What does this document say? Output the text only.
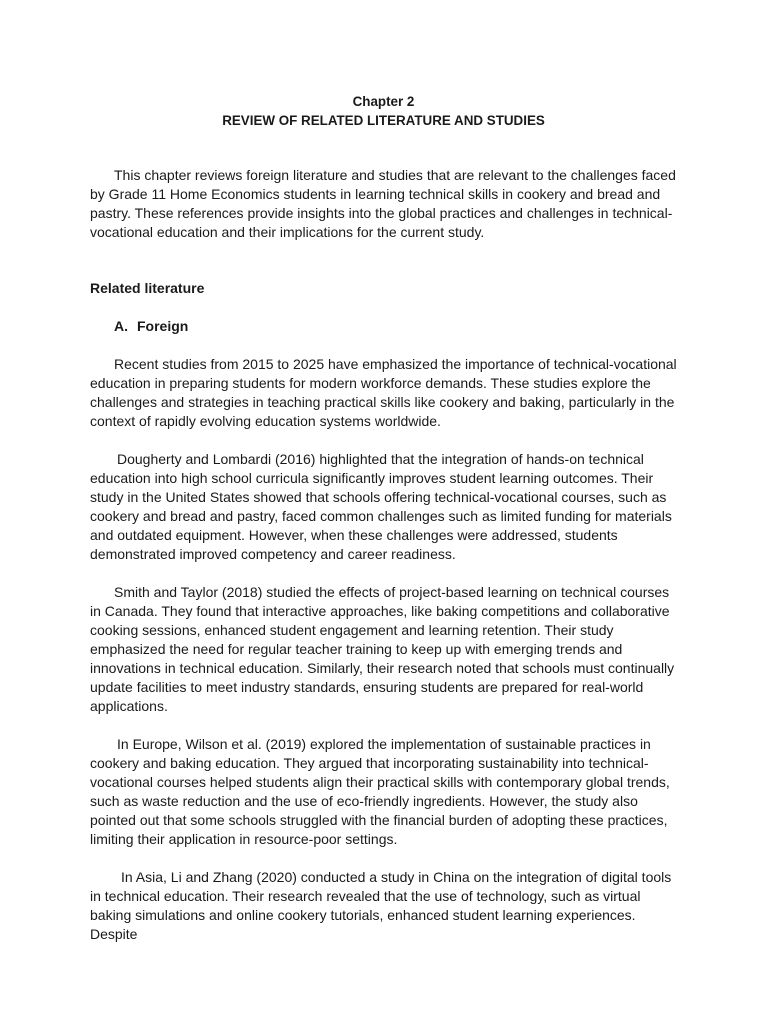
Chapter 2

REVIEW OF RELATED LITERATURE AND STUDIES

This chapter reviews foreign literature and studies that are relevant to the challenges faced by Grade 11 Home Economics students in learning technical skills in cookery and bread and pastry. These references provide insights into the global practices and challenges in technical-vocational education and their implications for the current study.

Related literature

A. Foreign

Recent studies from 2015 to 2025 have emphasized the importance of technical-vocational education in preparing students for modern workforce demands. These studies explore the challenges and strategies in teaching practical skills like cookery and baking, particularly in the context of rapidly evolving education systems worldwide.

Dougherty and Lombardi (2016) highlighted that the integration of hands-on technical education into high school curricula significantly improves student learning outcomes. Their study in the United States showed that schools offering technical-vocational courses, such as cookery and bread and pastry, faced common challenges such as limited funding for materials and outdated equipment. However, when these challenges were addressed, students demonstrated improved competency and career readiness.

Smith and Taylor (2018) studied the effects of project-based learning on technical courses in Canada. They found that interactive approaches, like baking competitions and collaborative cooking sessions, enhanced student engagement and learning retention. Their study emphasized the need for regular teacher training to keep up with emerging trends and innovations in technical education. Similarly, their research noted that schools must continually update facilities to meet industry standards, ensuring students are prepared for real-world applications.

In Europe, Wilson et al. (2019) explored the implementation of sustainable practices in cookery and baking education. They argued that incorporating sustainability into technical-vocational courses helped students align their practical skills with contemporary global trends, such as waste reduction and the use of eco-friendly ingredients. However, the study also pointed out that some schools struggled with the financial burden of adopting these practices, limiting their application in resource-poor settings.

In Asia, Li and Zhang (2020) conducted a study in China on the integration of digital tools in technical education. Their research revealed that the use of technology, such as virtual baking simulations and online cookery tutorials, enhanced student learning experiences.Despite
